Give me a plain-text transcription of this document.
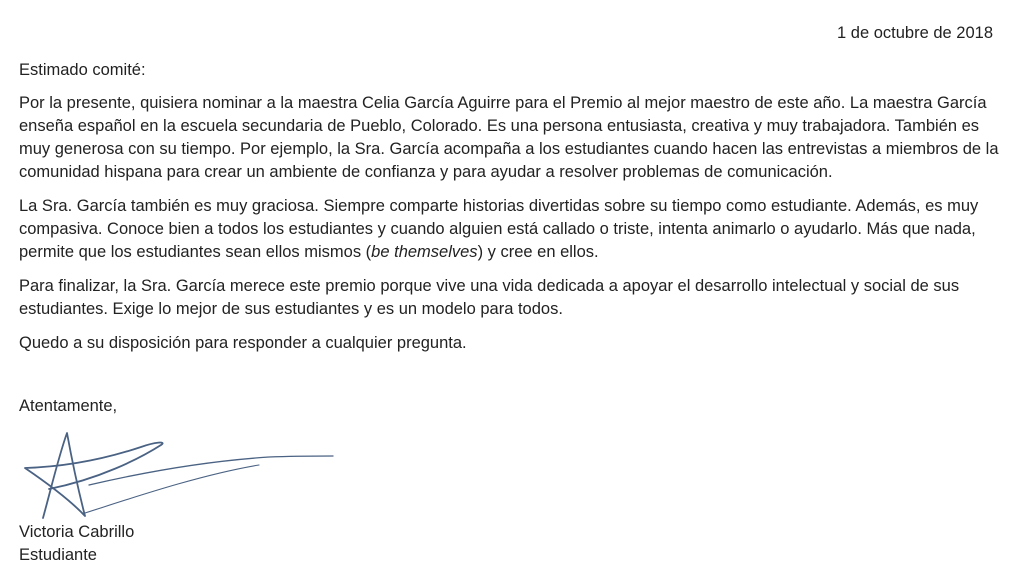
1 de octubre de 2018
Estimado comité:

Por la presente, quisiera nominar a la maestra Celia García Aguirre para el Premio al mejor maestro de este año. La maestra García enseña español en la escuela secundaria de Pueblo, Colorado. Es una persona entusiasta, creativa y muy trabajadora. También es muy generosa con su tiempo. Por ejemplo, la Sra. García acompaña a los estudiantes cuando hacen las entrevistas a miembros de la comunidad hispana para crear un ambiente de confianza y para ayudar a resolver problemas de comunicación.

La Sra. García también es muy graciosa. Siempre comparte historias divertidas sobre su tiempo como estudiante. Además, es muy compasiva. Conoce bien a todos los estudiantes y cuando alguien está callado o triste, intenta animarlo o ayudarlo. Más que nada, permite que los estudiantes sean ellos mismos (be themselves) y cree en ellos.

Para finalizar, la Sra. García merece este premio porque vive una vida dedicada a apoyar el desarrollo intelectual y social de sus estudiantes. Exige lo mejor de sus estudiantes y es un modelo para todos.

Quedo a su disposición para responder a cualquier pregunta.

Atentamente,
Victoria Cabrillo
Estudiante
